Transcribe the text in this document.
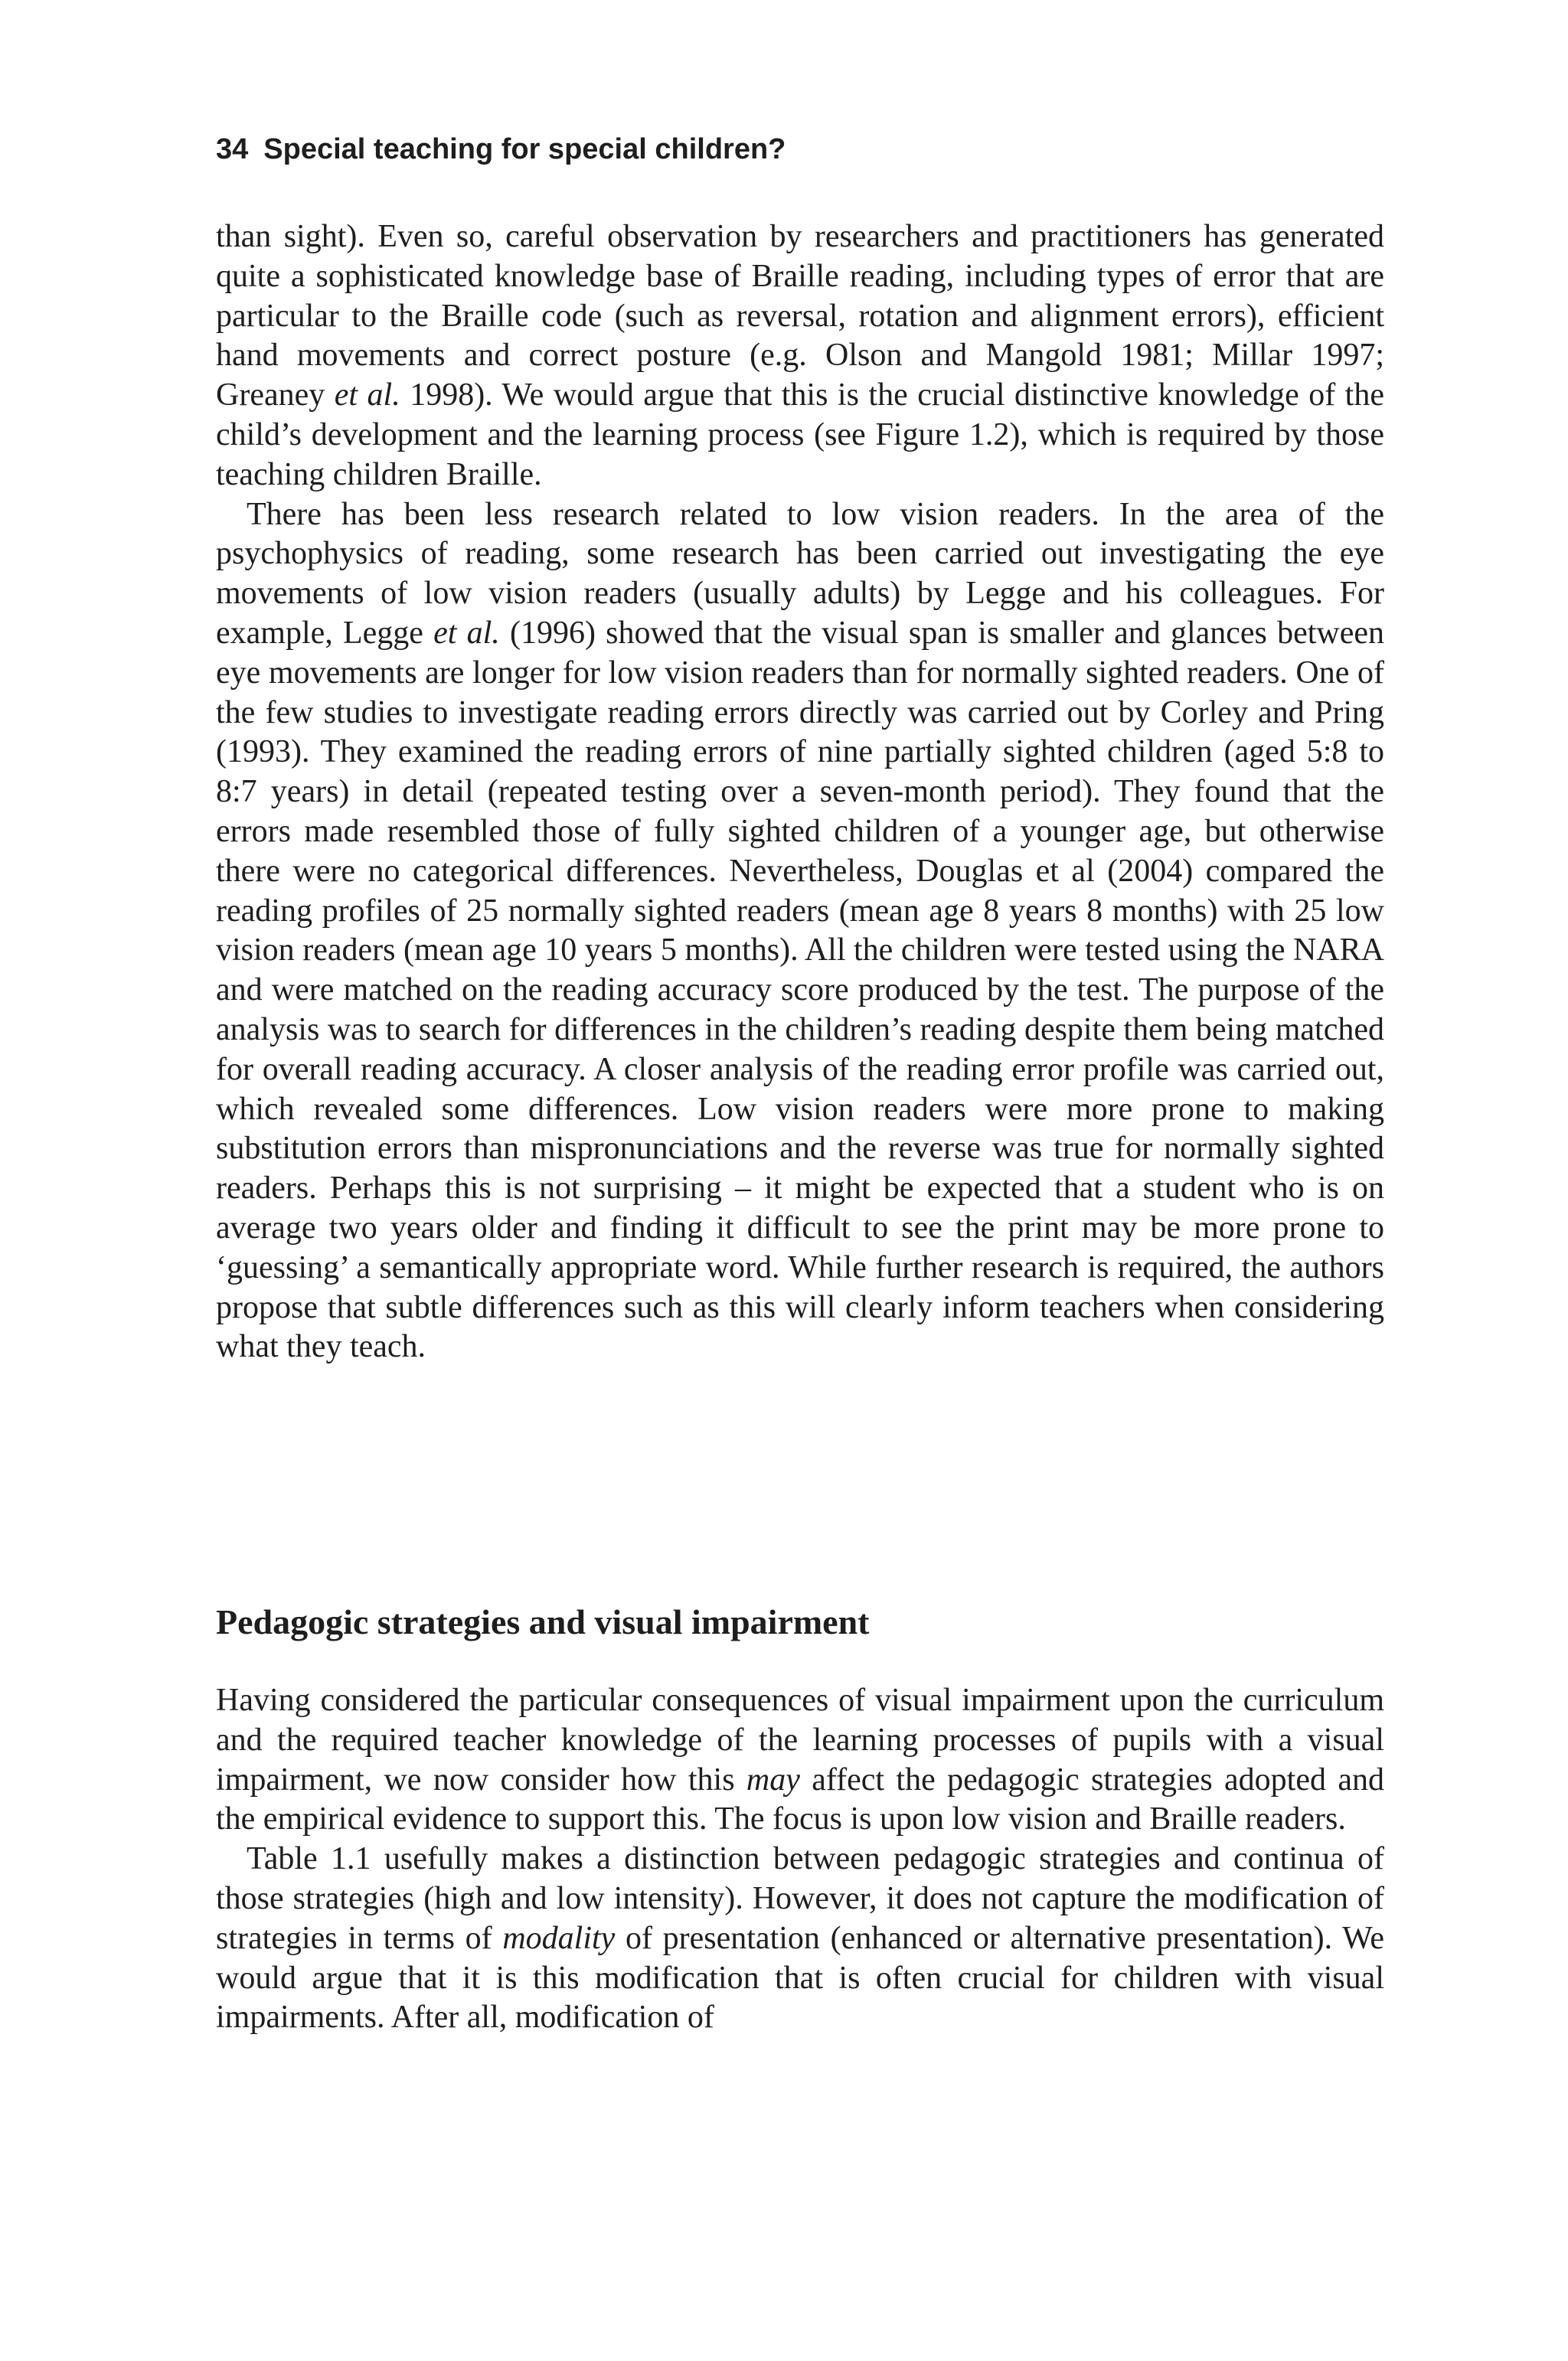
34 Special teaching for special children?

than sight). Even so, careful observation by researchers and practitioners has generated quite a sophisticated knowledge base of Braille reading, including types of error that are particular to the Braille code (such as reversal, rotation and alignment errors), efficient hand movements and correct posture (e.g. Olson and Mangold 1981; Millar 1997; Greaney et al. 1998). We would argue that this is the crucial distinctive knowledge of the child’s development and the learning process (see Figure 1.2), which is required by those teaching children Braille.

There has been less research related to low vision readers. In the area of the psychophysics of reading, some research has been carried out investigating the eye movements of low vision readers (usually adults) by Legge and his colleagues. For example, Legge et al. (1996) showed that the visual span is smaller and glances between eye movements are longer for low vision readers than for normally sighted readers. One of the few studies to investigate reading errors directly was carried out by Corley and Pring (1993). They examined the reading errors of nine partially sighted children (aged 5:8 to 8:7 years) in detail (repeated testing over a seven-month period). They found that the errors made resembled those of fully sighted children of a younger age, but otherwise there were no categorical differences. Nevertheless, Douglas et al (2004) compared the reading profiles of 25 normally sighted readers (mean age 8 years 8 months) with 25 low vision readers (mean age 10 years 5 months). All the children were tested using the NARA and were matched on the reading accuracy score produced by the test. The purpose of the analysis was to search for differences in the children’s reading despite them being matched for overall reading accuracy. A closer analysis of the reading error profile was carried out, which revealed some differences. Low vision readers were more prone to making substitution errors than mispronunciations and the reverse was true for normally sighted readers. Perhaps this is not surprising – it might be expected that a student who is on average two years older and finding it difficult to see the print may be more prone to ‘guessing’ a semantically appropriate word. While further research is required, the authors propose that subtle differences such as this will clearly inform teachers when considering what they teach.

Pedagogic strategies and visual impairment

Having considered the particular consequences of visual impairment upon the curriculum and the required teacher knowledge of the learning processes of pupils with a visual impairment, we now consider how this may affect the pedagogic strategies adopted and the empirical evidence to support this. The focus is upon low vision and Braille readers.

Table 1.1 usefully makes a distinction between pedagogic strategies and continua of those strategies (high and low intensity). However, it does not capture the modification of strategies in terms of modality of presentation (enhanced or alternative presentation). We would argue that it is this modification that is often crucial for children with visual impairments. After all, modification of
